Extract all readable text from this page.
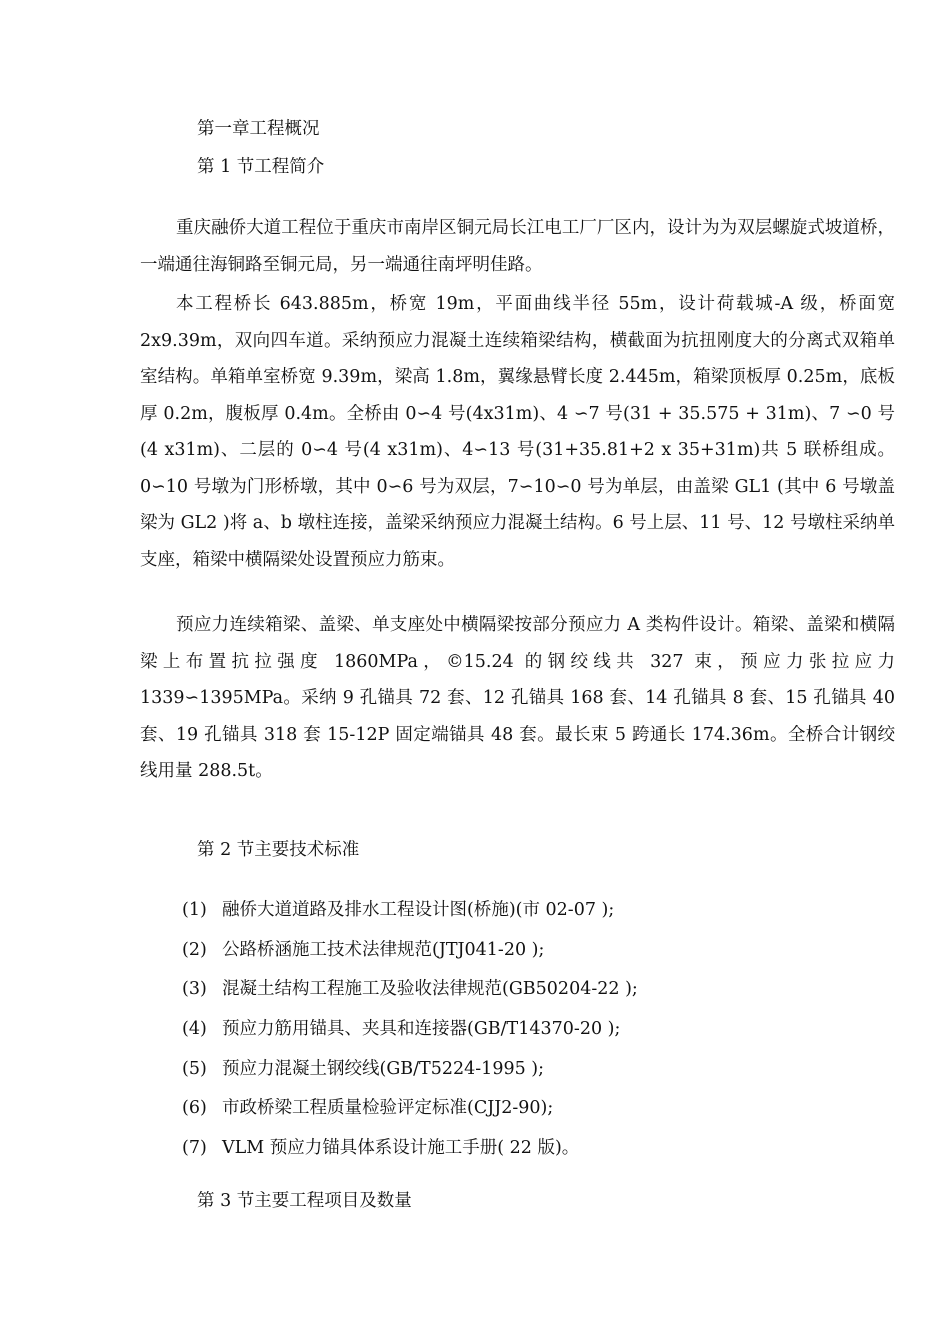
第一章工程概况
第 1 节工程简介

重庆融侨大道工程位于重庆市南岸区铜元局长江电工厂厂区内，设计为为双层螺旋式坡道桥，一端通往海铜路至铜元局，另一端通往南坪明佳路。

本工程桥长 643.885m，桥宽 19m，平面曲线半径 55m，设计荷载城-A 级，桥面宽 2x9.39m，双向四车道。采纳预应力混凝土连续箱梁结构，横截面为抗扭刚度大的分离式双箱单室结构。单箱单室桥宽 9.39m，梁高 1.8m，翼缘悬臂长度 2.445m，箱梁顶板厚 0.25m，底板厚 0.2m，腹板厚 0.4m。全桥由 0∽4 号(4x31m)、4 ∽7 号(31 + 35.575 + 31m)、7 ∽0 号(4 x31m)、二层的 0∽4 号(4 x31m)、4∽13 号(31+35.81+2 x 35+31m)共 5 联桥组成。0∽10 号墩为门形桥墩，其中 0∽6 号为双层，7∽10∽0 号为单层，由盖梁 GL1 (其中 6 号墩盖梁为 GL2 )将 a、b 墩柱连接，盖梁采纳预应力混凝土结构。6 号上层、11 号、12 号墩柱采纳单支座，箱梁中横隔梁处设置预应力筋束。

预应力连续箱梁、盖梁、单支座处中横隔梁按部分预应力 A 类构件设计。箱梁、盖梁和横隔梁上布置抗拉强度 1860MPa，©15.24 的钢绞线共 327 束，预应力张拉应力 1339∽1395MPa。采纳 9 孔锚具 72 套、12 孔锚具 168 套、14 孔锚具 8 套、15 孔锚具 40 套、19 孔锚具 318 套 15-12P 固定端锚具 48 套。最长束 5 跨通长 174.36m。全桥合计钢绞线用量 288.5t。

第 2 节主要技术标准
(1) 融侨大道道路及排水工程设计图(桥施)(市 02-07 );
(2) 公路桥涵施工技术法律规范(JTJ041-20 );
(3) 混凝土结构工程施工及验收法律规范(GB50204-22 );
(4) 预应力筋用锚具、夹具和连接器(GB/T14370-20 );
(5) 预应力混凝土钢绞线(GB/T5224-1995 );
(6) 市政桥梁工程质量检验评定标准(CJJ2-90);
(7) VLM 预应力锚具体系设计施工手册( 22 版)。
第 3 节主要工程项目及数量
